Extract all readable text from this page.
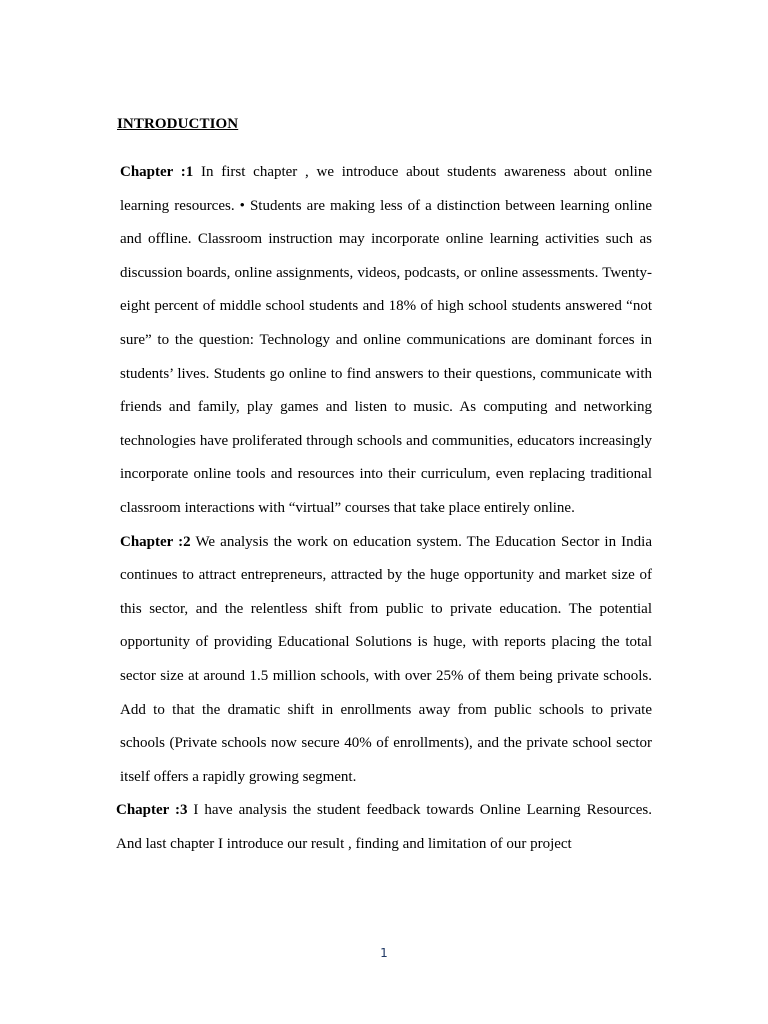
INTRODUCTION

Chapter :1 In first chapter , we introduce about students awareness about online learning resources. • Students are making less of a distinction between learning online and offline. Classroom instruction may incorporate online learning activities such as discussion boards, online assignments, videos, podcasts, or online assessments. Twenty-eight percent of middle school students and 18% of high school students answered “not sure” to the question: Technology and online communications are dominant forces in students’ lives. Students go online to find answers to their questions, communicate with friends and family, play games and listen to music. As computing and networking technologies have proliferated through schools and communities, educators increasingly incorporate online tools and resources into their curriculum, even replacing traditional classroom interactions with “virtual” courses that take place entirely online.

Chapter :2 We analysis the work on education system. The Education Sector in India continues to attract entrepreneurs, attracted by the huge opportunity and market size of this sector, and the relentless shift from public to private education. The potential opportunity of providing Educational Solutions is huge, with reports placing the total sector size at around 1.5 million schools, with over 25% of them being private schools. Add to that the dramatic shift in enrollments away from public schools to private schools (Private schools now secure 40% of enrollments), and the private school sector itself offers a rapidly growing segment.

Chapter :3 I have analysis the student feedback towards Online Learning Resources. And last chapter I introduce our result , finding and limitation of our project

1
